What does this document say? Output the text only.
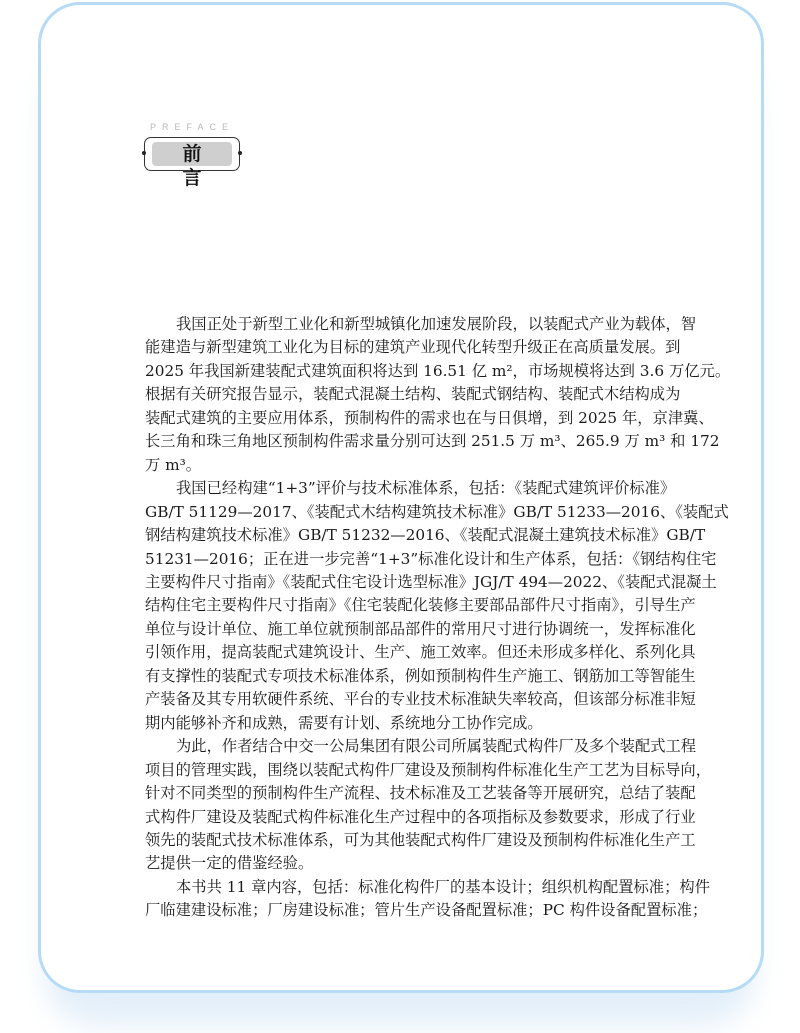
PREFACE
前言
我国正处于新型工业化和新型城镇化加速发展阶段，以装配式产业为载体，智
能建造与新型建筑工业化为目标的建筑产业现代化转型升级正在高质量发展。到
2025 年我国新建装配式建筑面积将达到 16.51 亿 m²，市场规模将达到 3.6 万亿元。
根据有关研究报告显示，装配式混凝土结构、装配式钢结构、装配式木结构成为
装配式建筑的主要应用体系，预制构件的需求也在与日俱增，到 2025 年，京津冀、
长三角和珠三角地区预制构件需求量分别可达到 251.5 万 m³、265.9 万 m³ 和 172
万 m³。
我国已经构建“1+3”评价与技术标准体系，包括：《装配式建筑评价标准》
GB/T 51129—2017、《装配式木结构建筑技术标准》GB/T 51233—2016、《装配式
钢结构建筑技术标准》GB/T 51232—2016、《装配式混凝土建筑技术标准》GB/T
51231—2016；正在进一步完善“1+3”标准化设计和生产体系，包括：《钢结构住宅
主要构件尺寸指南》《装配式住宅设计选型标准》JGJ/T 494—2022、《装配式混凝土
结构住宅主要构件尺寸指南》《住宅装配化装修主要部品部件尺寸指南》，引导生产
单位与设计单位、施工单位就预制部品部件的常用尺寸进行协调统一，发挥标准化
引领作用，提高装配式建筑设计、生产、施工效率。但还未形成多样化、系列化具
有支撑性的装配式专项技术标准体系，例如预制构件生产施工、钢筋加工等智能生
产装备及其专用软硬件系统、平台的专业技术标准缺失率较高，但该部分标准非短
期内能够补齐和成熟，需要有计划、系统地分工协作完成。
为此，作者结合中交一公局集团有限公司所属装配式构件厂及多个装配式工程
项目的管理实践，围绕以装配式构件厂建设及预制构件标准化生产工艺为目标导向，
针对不同类型的预制构件生产流程、技术标准及工艺装备等开展研究，总结了装配
式构件厂建设及装配式构件标准化生产过程中的各项指标及参数要求，形成了行业
领先的装配式技术标准体系，可为其他装配式构件厂建设及预制构件标准化生产工
艺提供一定的借鉴经验。
本书共 11 章内容，包括：标准化构件厂的基本设计；组织机构配置标准；构件
厂临建建设标准；厂房建设标准；管片生产设备配置标准；PC 构件设备配置标准；
